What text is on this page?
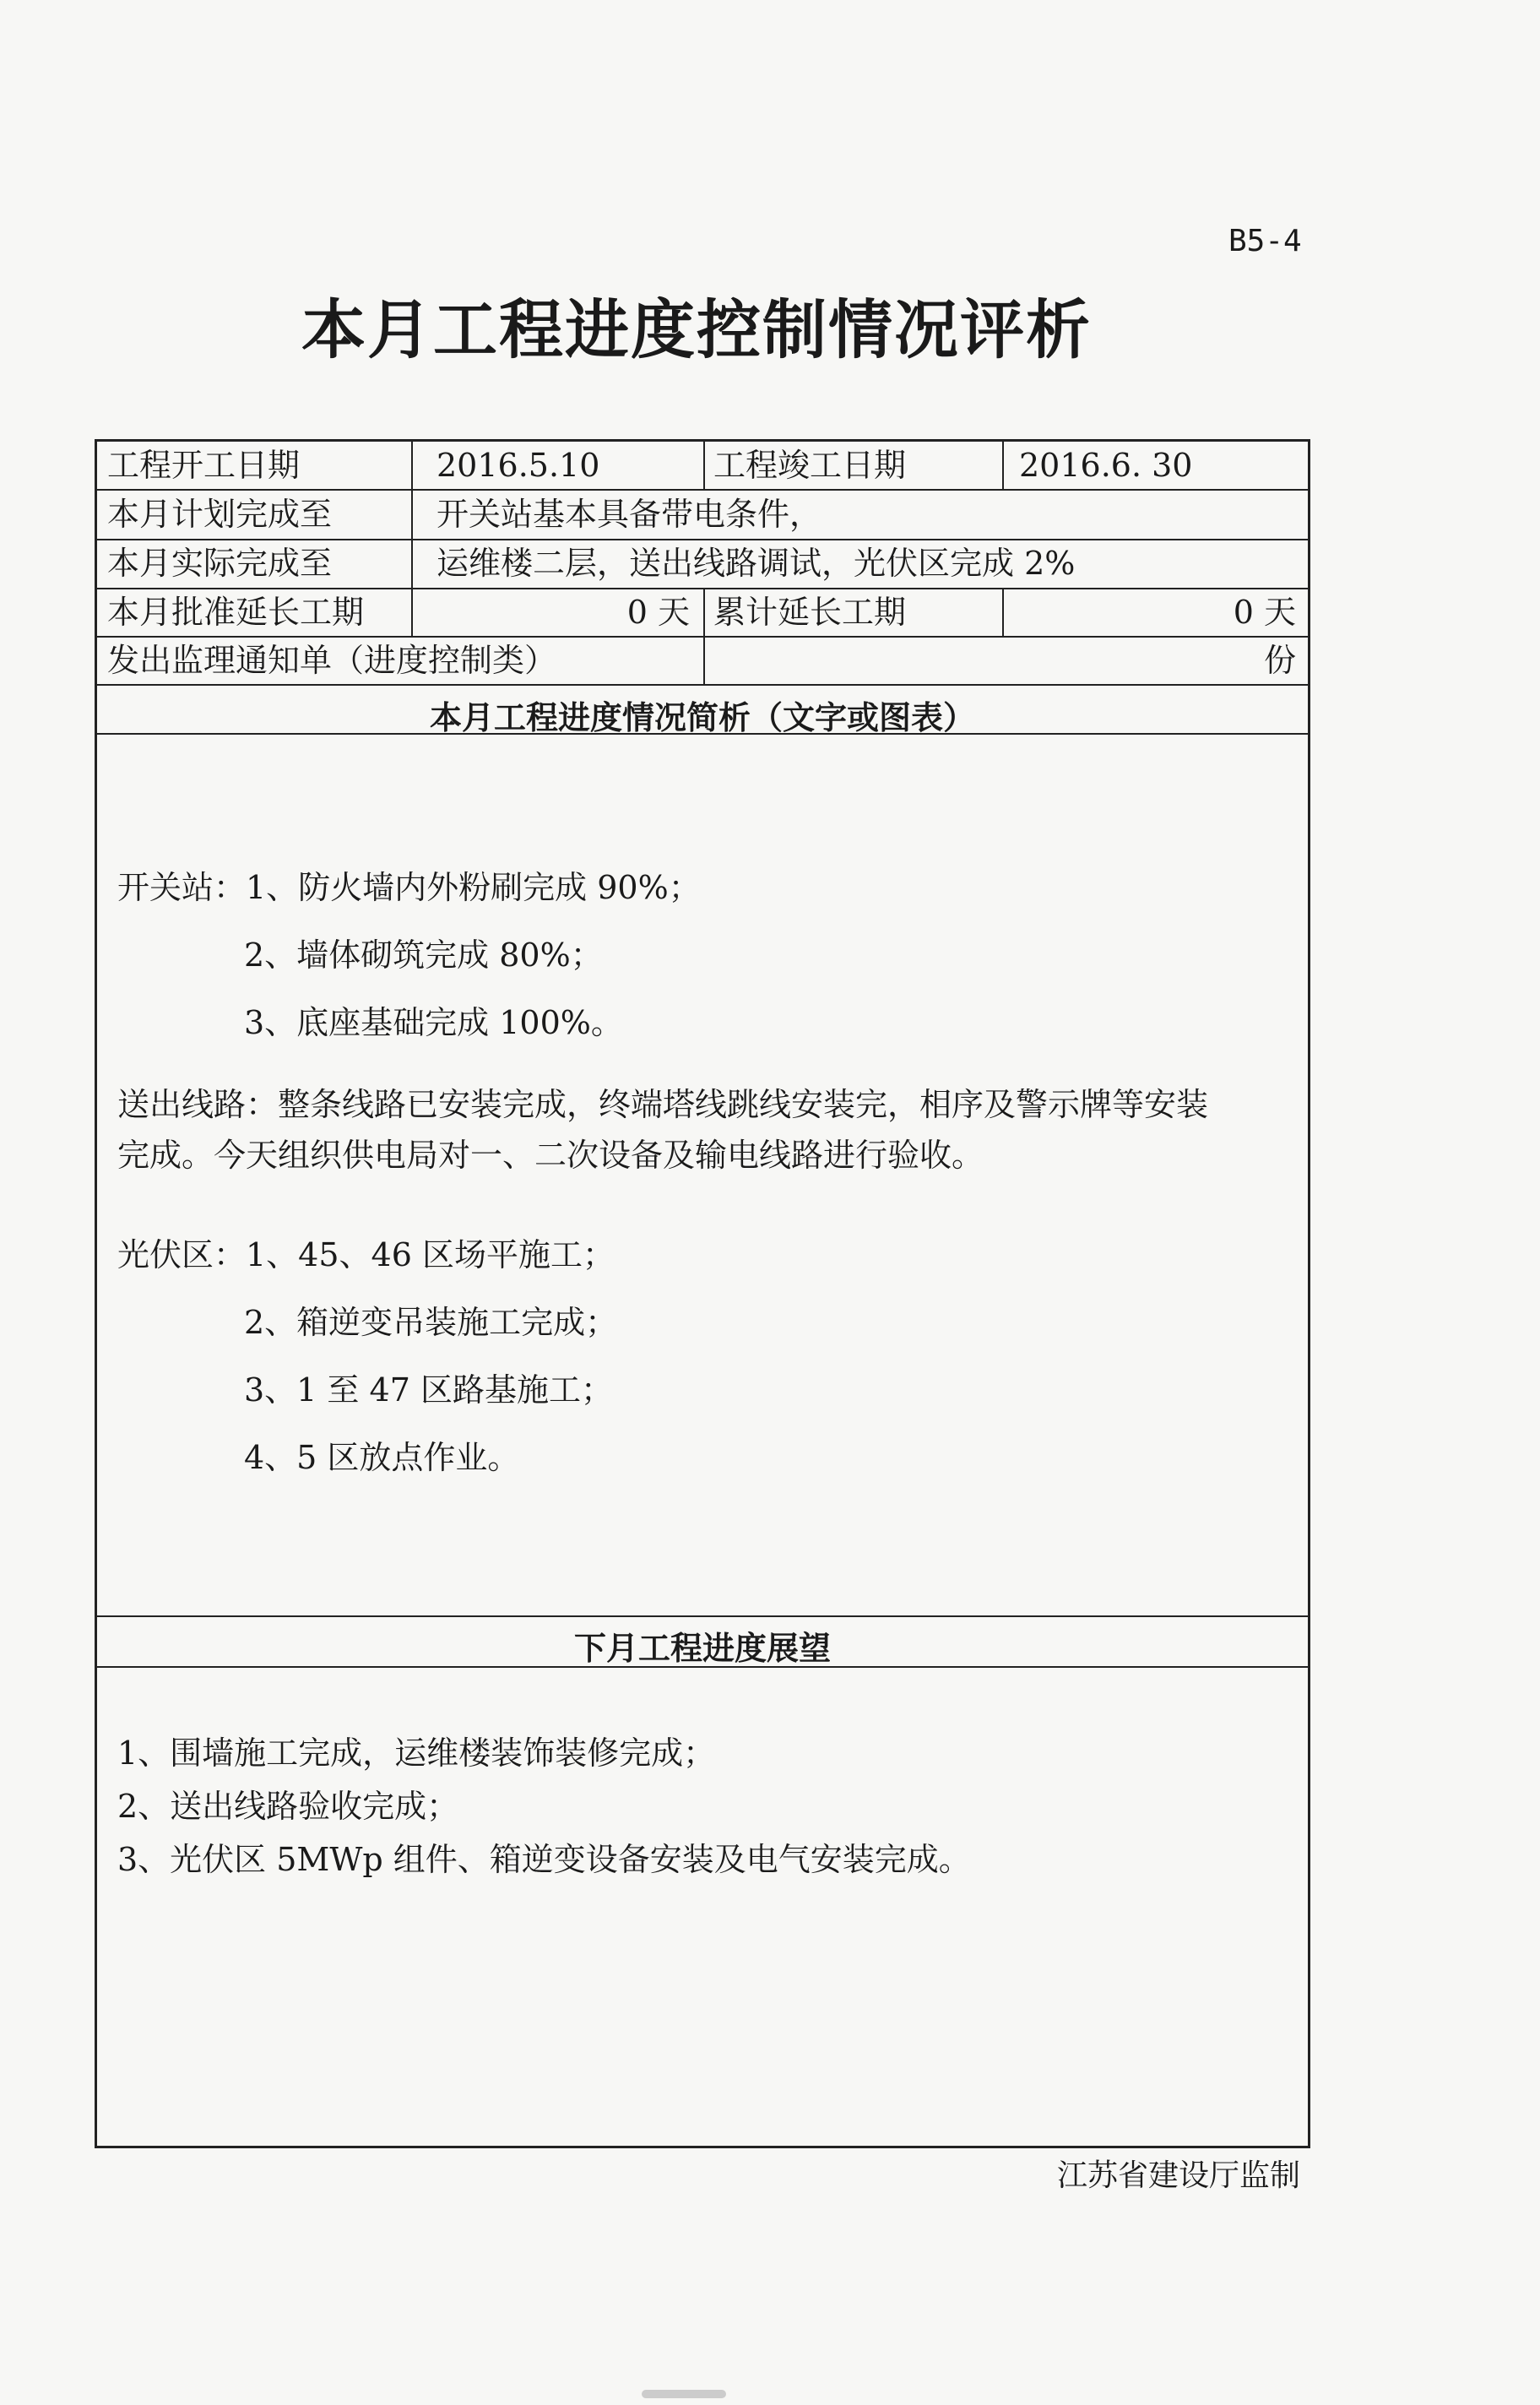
B5-4
本月工程进度控制情况评析
工程开工日期	2016.5.10	工程竣工日期	2016.6. 30
本月计划完成至	开关站基本具备带电条件，
本月实际完成至	运维楼二层，送出线路调试，光伏区完成 2%
本月批准延长工期	0 天 累计延长工期	0 天
发出监理通知单（进度控制类）	份
本月工程进度情况简析（文字或图表）
开关站：1、防火墙内外粉刷完成 90%；
2、墙体砌筑完成 80%；
3、底座基础完成 100%。
送出线路：整条线路已安装完成，终端塔线跳线安装完，相序及警示牌等安装
完成。今天组织供电局对一、二次设备及输电线路进行验收。
光伏区：1、45、46 区场平施工；
2、箱逆变吊装施工完成；
3、1 至 47 区路基施工；
4、5 区放点作业。
下月工程进度展望
1、围墙施工完成，运维楼装饰装修完成；
2、送出线路验收完成；
3、光伏区 5MWp 组件、箱逆变设备安装及电气安装完成。
江苏省建设厅监制
